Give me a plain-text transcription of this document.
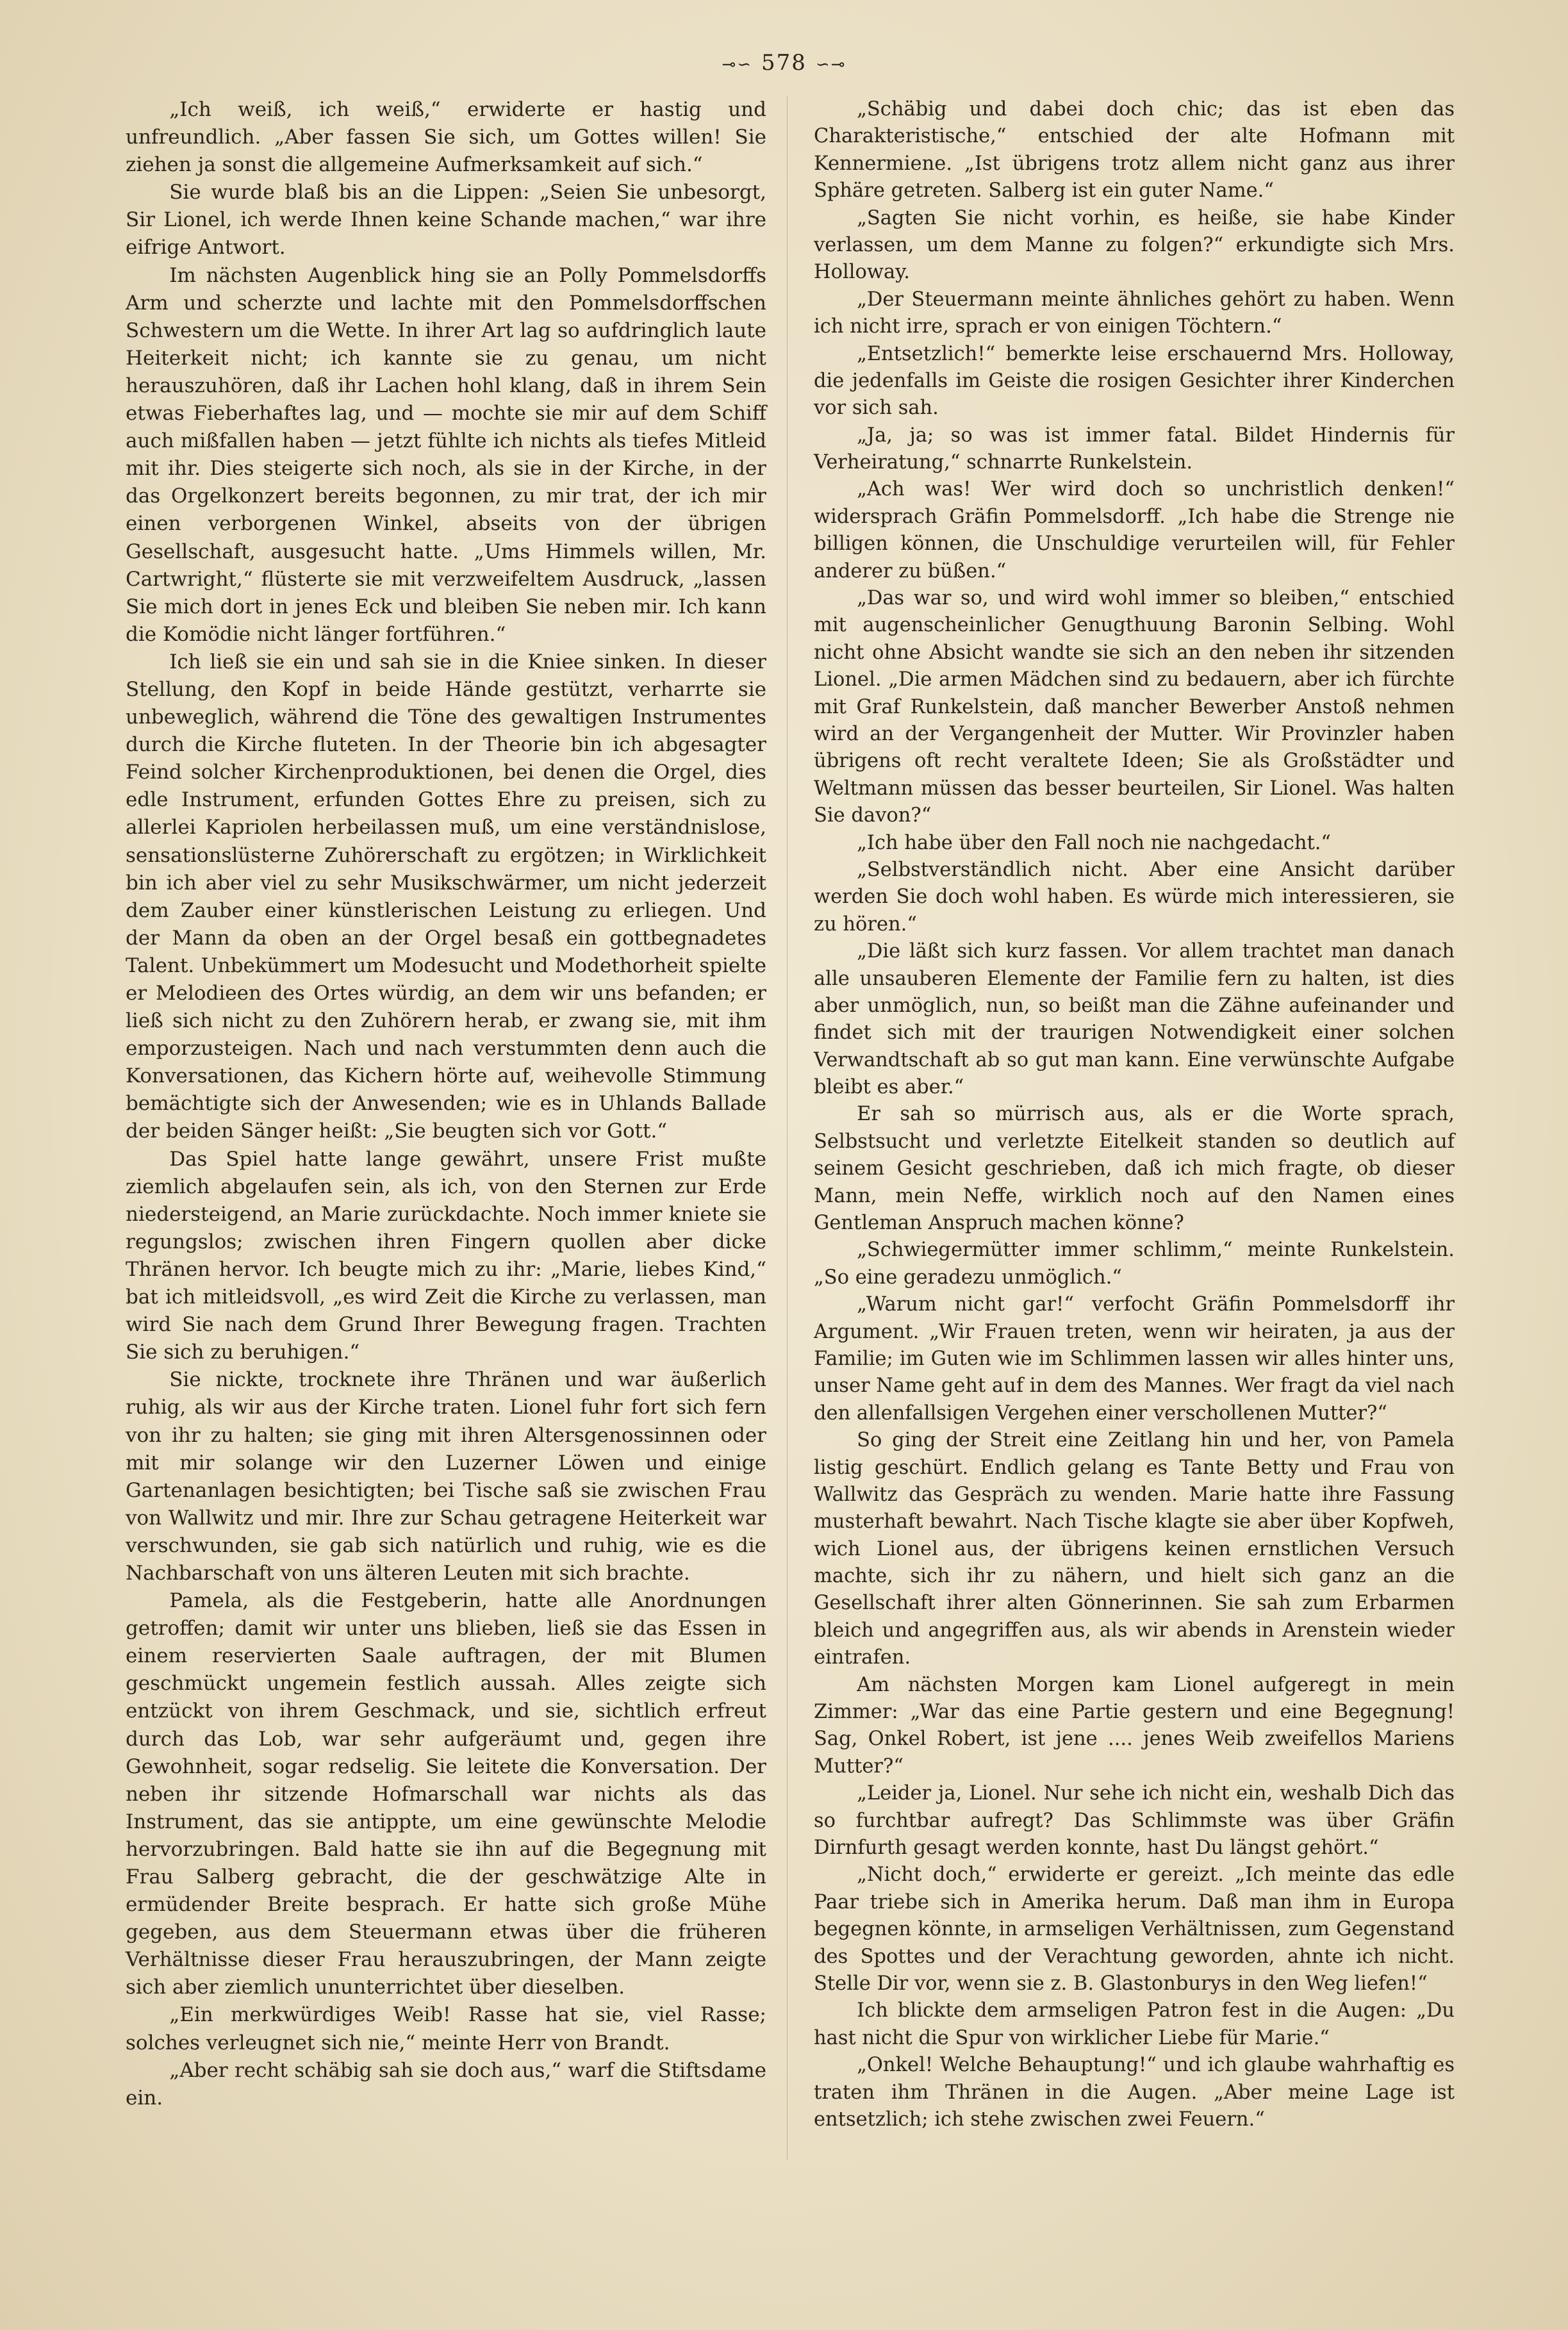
⊸∽ 578 ∽⊸

„Ich weiß, ich weiß,“ erwiderte er hastig und unfreundlich. „Aber fassen Sie sich, um Gottes willen! Sie ziehen ja sonst die allgemeine Aufmerksamkeit auf sich.“

Sie wurde blaß bis an die Lippen: „Seien Sie unbesorgt, Sir Lionel, ich werde Ihnen keine Schande machen,“ war ihre eifrige Antwort.

Im nächsten Augenblick hing sie an Polly Pommelsdorffs Arm und scherzte und lachte mit den Pommelsdorffschen Schwestern um die Wette. In ihrer Art lag so aufdringlich laute Heiterkeit nicht; ich kannte sie zu genau, um nicht herauszuhören, daß ihr Lachen hohl klang, daß in ihrem Sein etwas Fieberhaftes lag, und — mochte sie mir auf dem Schiff auch mißfallen haben — jetzt fühlte ich nichts als tiefes Mitleid mit ihr. Dies steigerte sich noch, als sie in der Kirche, in der das Orgelkonzert bereits begonnen, zu mir trat, der ich mir einen verborgenen Winkel, abseits von der übrigen Gesellschaft, ausgesucht hatte. „Ums Himmels willen, Mr. Cartwright,“ flüsterte sie mit verzweifeltem Ausdruck, „lassen Sie mich dort in jenes Eck und bleiben Sie neben mir. Ich kann die Komödie nicht länger fortführen.“

Ich ließ sie ein und sah sie in die Kniee sinken. In dieser Stellung, den Kopf in beide Hände gestützt, verharrte sie unbeweglich, während die Töne des gewaltigen Instrumentes durch die Kirche fluteten. In der Theorie bin ich abgesagter Feind solcher Kirchenproduktionen, bei denen die Orgel, dies edle Instrument, erfunden Gottes Ehre zu preisen, sich zu allerlei Kapriolen herbeilassen muß, um eine verständnislose, sensationslüsterne Zuhörerschaft zu ergötzen; in Wirklichkeit bin ich aber viel zu sehr Musikschwärmer, um nicht jederzeit dem Zauber einer künstlerischen Leistung zu erliegen. Und der Mann da oben an der Orgel besaß ein gottbegnadetes Talent. Unbekümmert um Modesucht und Modethorheit spielte er Melodieen des Ortes würdig, an dem wir uns befanden; er ließ sich nicht zu den Zuhörern herab, er zwang sie, mit ihm emporzusteigen. Nach und nach verstummten denn auch die Konversationen, das Kichern hörte auf, weihevolle Stimmung bemächtigte sich der Anwesenden; wie es in Uhlands Ballade der beiden Sänger heißt: „Sie beugten sich vor Gott.“

Das Spiel hatte lange gewährt, unsere Frist mußte ziemlich abgelaufen sein, als ich, von den Sternen zur Erde niedersteigend, an Marie zurückdachte. Noch immer kniete sie regungslos; zwischen ihren Fingern quollen aber dicke Thränen hervor. Ich beugte mich zu ihr: „Marie, liebes Kind,“ bat ich mitleidsvoll, „es wird Zeit die Kirche zu verlassen, man wird Sie nach dem Grund Ihrer Bewegung fragen. Trachten Sie sich zu beruhigen.“

Sie nickte, trocknete ihre Thränen und war äußerlich ruhig, als wir aus der Kirche traten. Lionel fuhr fort sich fern von ihr zu halten; sie ging mit ihren Altersgenossinnen oder mit mir solange wir den Luzerner Löwen und einige Gartenanlagen besichtigten; bei Tische saß sie zwischen Frau von Wallwitz und mir. Ihre zur Schau getragene Heiterkeit war verschwunden, sie gab sich natürlich und ruhig, wie es die Nachbarschaft von uns älteren Leuten mit sich brachte.

Pamela, als die Festgeberin, hatte alle Anordnungen getroffen; damit wir unter uns blieben, ließ sie das Essen in einem reservierten Saale auftragen, der mit Blumen geschmückt ungemein festlich aussah. Alles zeigte sich entzückt von ihrem Geschmack, und sie, sichtlich erfreut durch das Lob, war sehr aufgeräumt und, gegen ihre Gewohnheit, sogar redselig. Sie leitete die Konversation. Der neben ihr sitzende Hofmarschall war nichts als das Instrument, das sie antippte, um eine gewünschte Melodie hervorzubringen. Bald hatte sie ihn auf die Begegnung mit Frau Salberg gebracht, die der geschwätzige Alte in ermüdender Breite besprach. Er hatte sich große Mühe gegeben, aus dem Steuermann etwas über die früheren Verhältnisse dieser Frau herauszubringen, der Mann zeigte sich aber ziemlich ununterrichtet über dieselben.

„Ein merkwürdiges Weib! Rasse hat sie, viel Rasse; solches verleugnet sich nie,“ meinte Herr von Brandt.

„Aber recht schäbig sah sie doch aus,“ warf die Stiftsdame ein.

„Schäbig und dabei doch chic; das ist eben das Charakteristische,“ entschied der alte Hofmann mit Kennermiene. „Ist übrigens trotz allem nicht ganz aus ihrer Sphäre getreten. Salberg ist ein guter Name.“

„Sagten Sie nicht vorhin, es heiße, sie habe Kinder verlassen, um dem Manne zu folgen?“ erkundigte sich Mrs. Holloway.

„Der Steuermann meinte ähnliches gehört zu haben. Wenn ich nicht irre, sprach er von einigen Töchtern.“

„Entsetzlich!“ bemerkte leise erschauernd Mrs. Holloway, die jedenfalls im Geiste die rosigen Gesichter ihrer Kinderchen vor sich sah.

„Ja, ja; so was ist immer fatal. Bildet Hindernis für Verheiratung,“ schnarrte Runkelstein.

„Ach was! Wer wird doch so unchristlich denken!“ widersprach Gräfin Pommelsdorff. „Ich habe die Strenge nie billigen können, die Unschuldige verurteilen will, für Fehler anderer zu büßen.“

„Das war so, und wird wohl immer so bleiben,“ entschied mit augenscheinlicher Genugthuung Baronin Selbing. Wohl nicht ohne Absicht wandte sie sich an den neben ihr sitzenden Lionel. „Die armen Mädchen sind zu bedauern, aber ich fürchte mit Graf Runkelstein, daß mancher Bewerber Anstoß nehmen wird an der Vergangenheit der Mutter. Wir Provinzler haben übrigens oft recht veraltete Ideen; Sie als Großstädter und Weltmann müssen das besser beurteilen, Sir Lionel. Was halten Sie davon?“

„Ich habe über den Fall noch nie nachgedacht.“

„Selbstverständlich nicht. Aber eine Ansicht darüber werden Sie doch wohl haben. Es würde mich interessieren, sie zu hören.“

„Die läßt sich kurz fassen. Vor allem trachtet man danach alle unsauberen Elemente der Familie fern zu halten, ist dies aber unmöglich, nun, so beißt man die Zähne aufeinander und findet sich mit der traurigen Notwendigkeit einer solchen Verwandtschaft ab so gut man kann. Eine verwünschte Aufgabe bleibt es aber.“

Er sah so mürrisch aus, als er die Worte sprach, Selbstsucht und verletzte Eitelkeit standen so deutlich auf seinem Gesicht geschrieben, daß ich mich fragte, ob dieser Mann, mein Neffe, wirklich noch auf den Namen eines Gentleman Anspruch machen könne?

„Schwiegermütter immer schlimm,“ meinte Runkelstein. „So eine geradezu unmöglich.“

„Warum nicht gar!“ verfocht Gräfin Pommelsdorff ihr Argument. „Wir Frauen treten, wenn wir heiraten, ja aus der Familie; im Guten wie im Schlimmen lassen wir alles hinter uns, unser Name geht auf in dem des Mannes. Wer fragt da viel nach den allenfallsigen Vergehen einer verschollenen Mutter?“

So ging der Streit eine Zeitlang hin und her, von Pamela listig geschürt. Endlich gelang es Tante Betty und Frau von Wallwitz das Gespräch zu wenden. Marie hatte ihre Fassung musterhaft bewahrt. Nach Tische klagte sie aber über Kopfweh, wich Lionel aus, der übrigens keinen ernstlichen Versuch machte, sich ihr zu nähern, und hielt sich ganz an die Gesellschaft ihrer alten Gönnerinnen. Sie sah zum Erbarmen bleich und angegriffen aus, als wir abends in Arenstein wieder eintrafen.

Am nächsten Morgen kam Lionel aufgeregt in mein Zimmer: „War das eine Partie gestern und eine Begegnung! Sag, Onkel Robert, ist jene .... jenes Weib zweifellos Mariens Mutter?“

„Leider ja, Lionel. Nur sehe ich nicht ein, weshalb Dich das so furchtbar aufregt? Das Schlimmste was über Gräfin Dirnfurth gesagt werden konnte, hast Du längst gehört.“

„Nicht doch,“ erwiderte er gereizt. „Ich meinte das edle Paar triebe sich in Amerika herum. Daß man ihm in Europa begegnen könnte, in armseligen Verhältnissen, zum Gegenstand des Spottes und der Verachtung geworden, ahnte ich nicht. Stelle Dir vor, wenn sie z. B. Glastonburys in den Weg liefen!“

Ich blickte dem armseligen Patron fest in die Augen: „Du hast nicht die Spur von wirklicher Liebe für Marie.“

„Onkel! Welche Behauptung!“ und ich glaube wahrhaftig es traten ihm Thränen in die Augen. „Aber meine Lage ist entsetzlich; ich stehe zwischen zwei Feuern.“
